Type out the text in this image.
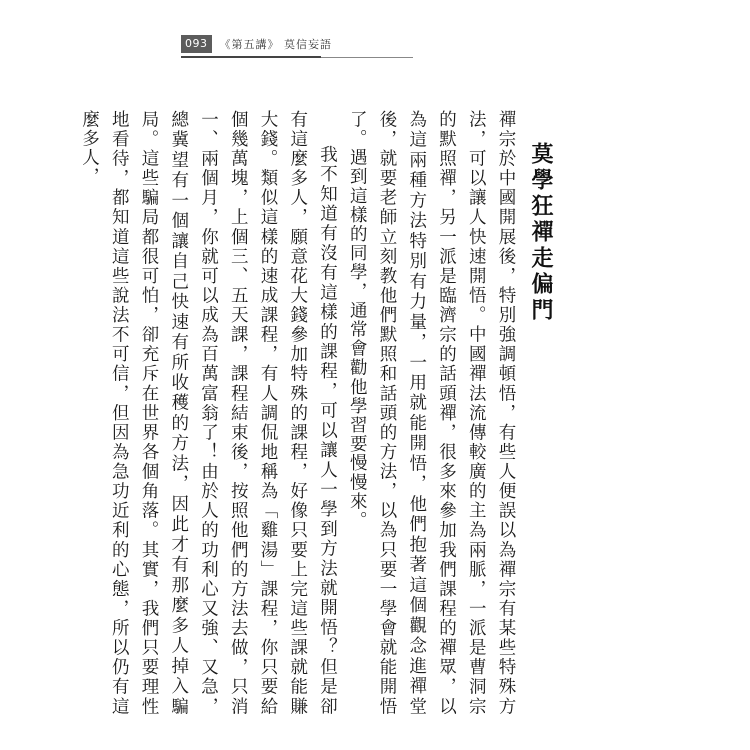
093	《第五講》 莫信妄語
莫學狂禪走偏門

禪宗於中國開展後，特別強調頓悟，有些人便誤以為禪宗有某些特殊方法，可以讓人快速開悟。中國禪法流傳較廣的主為兩脈，一派是曹洞宗的默照禪，另一派是臨濟宗的話頭禪，很多來參加我們課程的禪眾，以為這兩種方法特別有力量，一用就能開悟，他們抱著這個觀念進禪堂後，就要老師立刻教他們默照和話頭的方法，以為只要一學會就能開悟了。遇到這樣的同學，通常會勸他學習要慢慢來。

我不知道有沒有這樣的課程，可以讓人一學到方法就開悟？但是卻有這麼多人，願意花大錢參加特殊的課程，好像只要上完這些課就能賺大錢。類似這樣的速成課程，有人調侃地稱為「雞湯」課程，你只要給個幾萬塊，上個三、五天課，課程結束後，按照他們的方法去做，只消一、兩個月，你就可以成為百萬富翁了！由於人的功利心又強、又急，總冀望有一個讓自己快速有所收穫的方法，因此才有那麼多人掉入騙局。這些騙局都很可怕，卻充斥在世界各個角落。其實，我們只要理性地看待，都知道這些說法不可信，但因為急功近利的心態，所以仍有這麼多人，
